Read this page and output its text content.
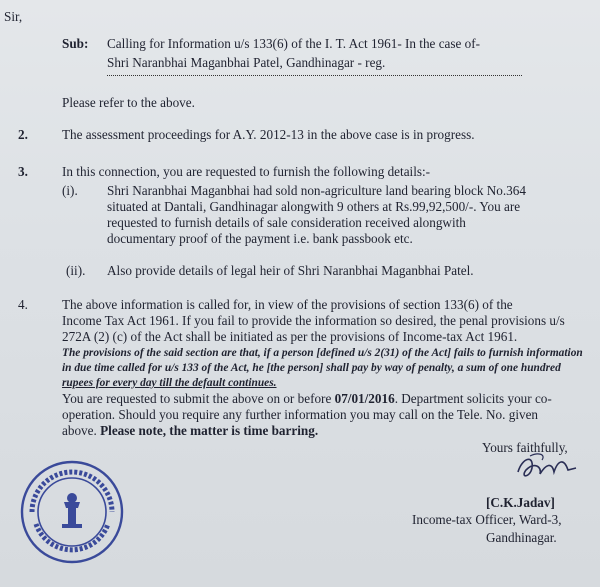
Sir,
Sub: Calling for Information u/s 133(6) of the I. T. Act 1961- In the case of-
Shri Naranbhai Maganbhai Patel, Gandhinagar - reg.
Please refer to the above.
2.	The assessment proceedings for A.Y. 2012-13 in the above case is in progress.
3.	In this connection, you are requested to furnish the following details:-
(i). Shri Naranbhai Maganbhai had sold non-agriculture land bearing block No.364
situated at Dantali, Gandhinagar alongwith 9 others at Rs.99,92,500/-. You are
requested to furnish details of sale consideration received alongwith
documentary proof of the payment i.e. bank passbook etc.
(ii). Also provide details of legal heir of Shri Naranbhai Maganbhai Patel.
4.	The above information is called for, in view of the provisions of section 133(6) of the
Income Tax Act 1961. If you fail to provide the information so desired, the penal provisions u/s
272A (2) (c) of the Act shall be initiated as per the provisions of Income-tax Act 1961.
The provisions of the said section are that, if a person [defined u/s 2(31) of the Act] fails to furnish information
in due time called for u/s 133 of the Act, he [the person] shall pay by way of penalty, a sum of one hundred
rupees for every day till the default continues.
You are requested to submit the above on or before 07/01/2016. Department solicits your co-
operation. Should you require any further information you may call on the Tele. No. given
above. Please note, the matter is time barring.
Yours faithfully,
[C.K.Jadav]
Income-tax Officer, Ward-3,
Gandhinagar.
